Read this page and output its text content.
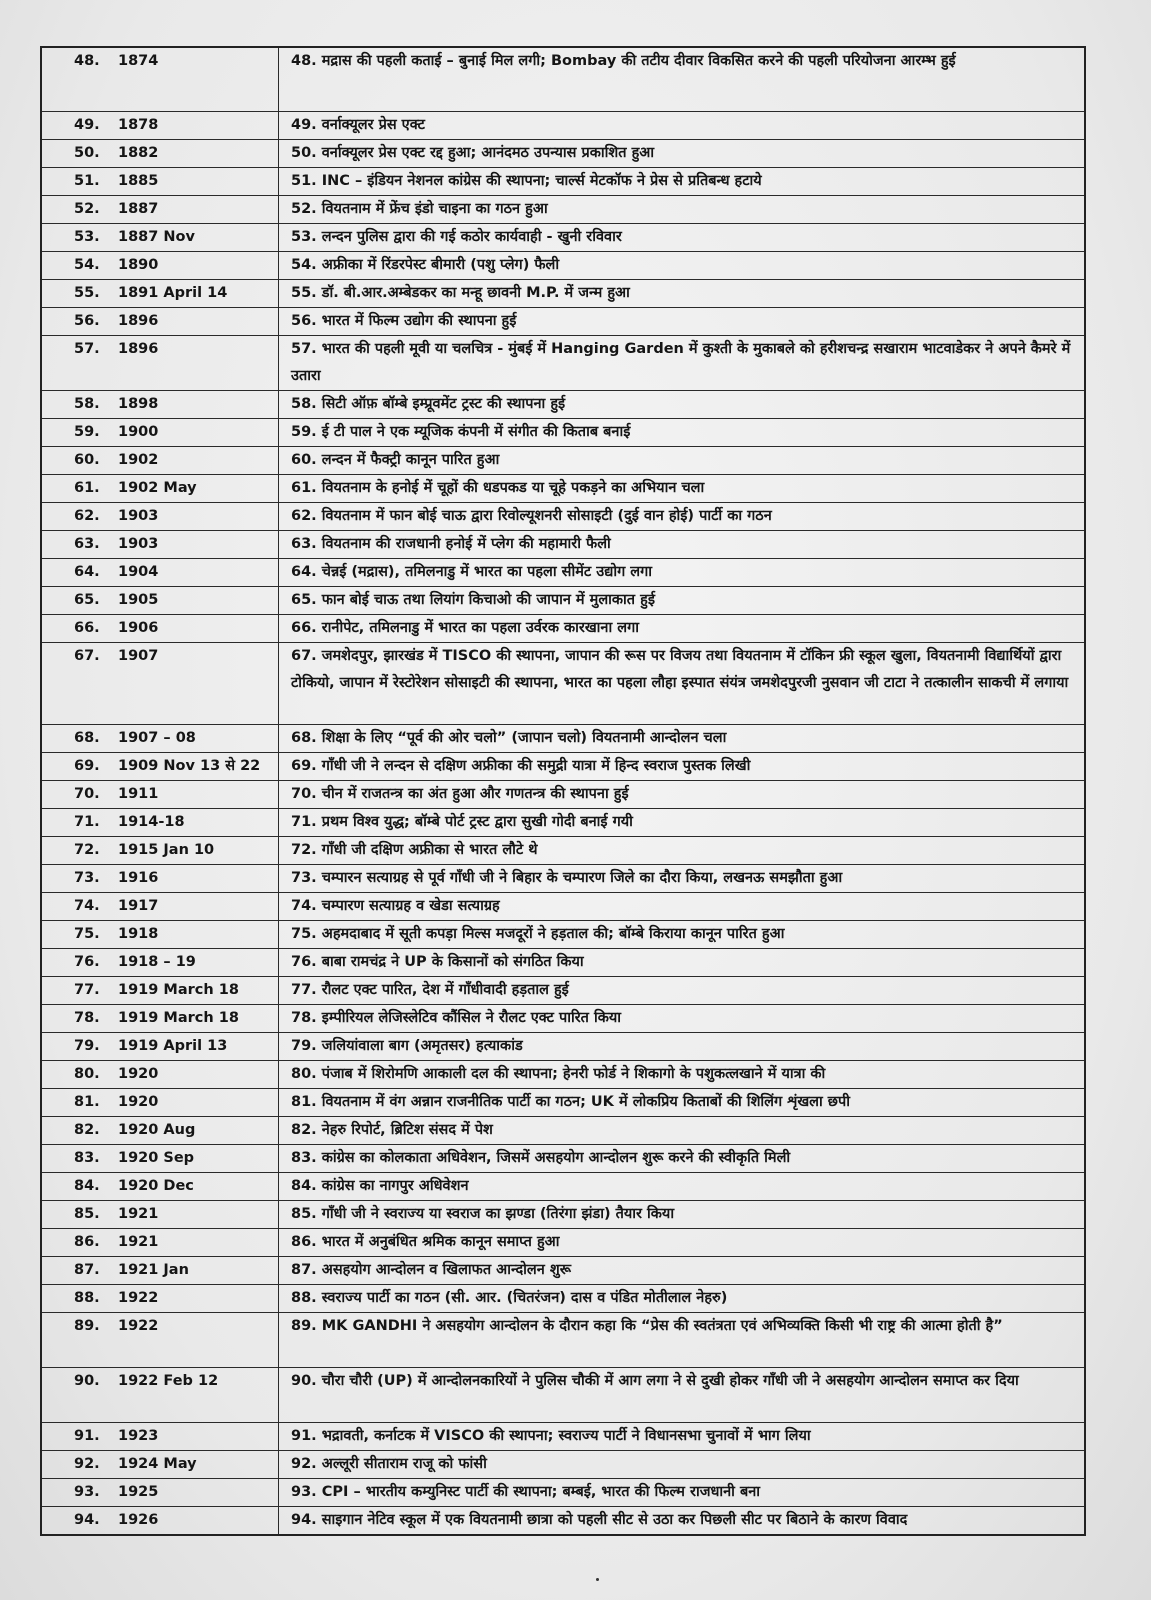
48. 1874	48. मद्रास की पहली कताई – बुनाई मिल लगी; Bombay की तटीय दीवार विकसित करने की पहली परियोजना आरम्भ हुई

49. 1878	49. वर्नाक्यूलर प्रेस एक्ट

50. 1882	50. वर्नाक्यूलर प्रेस एक्ट रद्द हुआ; आनंदमठ उपन्यास प्रकाशित हुआ

51. 1885	51. INC – इंडियन नेशनल कांग्रेस की स्थापना; चार्ल्स मेटकॉफ ने प्रेस से प्रतिबन्ध हटाये

52. 1887	52. वियतनाम में फ्रेंच इंडो चाइना का गठन हुआ

53. 1887 Nov	53. लन्दन पुलिस द्वारा की गई कठोर कार्यवाही - खुनी रविवार

54. 1890	54. अफ्रीका में रिंडरपेस्ट बीमारी (पशु प्लेग) फैली

55. 1891 April 14	55. डॉ. बी.आर.अम्बेडकर का मन्हू छावनी M.P. में जन्म हुआ

56. 1896	56. भारत में फिल्म उद्योग की स्थापना हुई

57. 1896	57. भारत की पहली मूवी या चलचित्र - मुंबई में Hanging Garden में कुश्ती के मुकाबले को हरीशचन्द्र सखाराम भाटवाडेकर ने अपने कैमरे में उतारा

58. 1898	58. सिटी ऑफ़ बॉम्बे इम्प्रूवमेंट ट्रस्ट की स्थापना हुई

59. 1900	59. ई टी पाल ने एक म्यूजिक कंपनी में संगीत की किताब बनाई

60. 1902	60. लन्दन में फैक्ट्री कानून पारित हुआ

61. 1902 May	61. वियतनाम के हनोई में चूहों की धडपकड या चूहे पकड़ने का अभियान चला

62. 1903	62. वियतनाम में फान बोई चाऊ द्वारा रिवोल्यूशनरी सोसाइटी (दुई वान होई) पार्टी का गठन

63. 1903	63. वियतनाम की राजधानी हनोई में प्लेग की महामारी फैली

64. 1904	64. चेन्नई (मद्रास), तमिलनाडु में भारत का पहला सीमेंट उद्योग लगा

65. 1905	65. फान बोई चाऊ तथा लियांग किचाओ की जापान में मुलाकात हुई

66. 1906	66. रानीपेट, तमिलनाडु में भारत का पहला उर्वरक कारखाना लगा

67. 1907	67. जमशेदपुर, झारखंड में TISCO की स्थापना, जापान की रूस पर विजय तथा वियतनाम में टॉकिन फ्री स्कूल खुला, वियतनामी विद्यार्थियों द्वारा टोकियो, जापान में रेस्टोरेशन सोसाइटी की स्थापना, भारत का पहला लौहा इस्पात संयंत्र जमशेदपुरजी नुसवान जी टाटा ने तत्कालीन साकची में लगाया

68. 1907 – 08	68. शिक्षा के लिए “पूर्व की ओर चलो” (जापान चलो) वियतनामी आन्दोलन चला

69. 1909 Nov 13 से 22	69. गाँधी जी ने लन्दन से दक्षिण अफ्रीका की समुद्री यात्रा में हिन्द स्वराज पुस्तक लिखी

70. 1911	70. चीन में राजतन्त्र का अंत हुआ और गणतन्त्र की स्थापना हुई

71. 1914-18	71. प्रथम विश्व युद्ध; बॉम्बे पोर्ट ट्रस्ट द्वारा सुखी गोदी बनाई गयी

72. 1915 Jan 10	72. गाँधी जी दक्षिण अफ्रीका से भारत लौटे थे

73. 1916	73. चम्पारन सत्याग्रह से पूर्व गाँधी जी ने बिहार के चम्पारण जिले का दौरा किया, लखनऊ समझौता हुआ

74. 1917	74. चम्पारण सत्याग्रह व खेडा सत्याग्रह

75. 1918	75. अहमदाबाद में सूती कपड़ा मिल्स मजदूरों ने हड़ताल की; बॉम्बे किराया कानून पारित हुआ

76. 1918 – 19	76. बाबा रामचंद्र ने UP के किसानों को संगठित किया

77. 1919 March 18	77. रौलट एक्ट पारित, देश में गाँधीवादी हड़ताल हुई

78. 1919 March 18	78. इम्पीरियल लेजिस्लेटिव कौंसिल ने रौलट एक्ट पारित किया

79. 1919 April 13	79. जलियांवाला बाग (अमृतसर) हत्याकांड

80. 1920	80. पंजाब में शिरोमणि आकाली दल की स्थापना; हेनरी फोर्ड ने शिकागो के पशुकत्लखाने में यात्रा की

81. 1920	81. वियतनाम में वंग अन्नान राजनीतिक पार्टी का गठन; UK में लोकप्रिय किताबों की शिलिंग शृंखला छपी

82. 1920 Aug	82. नेहरु रिपोर्ट, ब्रिटिश संसद में पेश

83. 1920 Sep	83. कांग्रेस का कोलकाता अधिवेशन, जिसमें असहयोग आन्दोलन शुरू करने की स्वीकृति मिली

84. 1920 Dec	84. कांग्रेस का नागपुर अधिवेशन

85. 1921	85. गाँधी जी ने स्वराज्य या स्वराज का झण्डा (तिरंगा झंडा) तैयार किया

86. 1921	86. भारत में अनुबंधित श्रमिक कानून समाप्त हुआ

87. 1921 Jan	87. असहयोग आन्दोलन व खिलाफत आन्दोलन शुरू

88. 1922	88. स्वराज्य पार्टी का गठन (सी. आर. (चितरंजन) दास व पंडित मोतीलाल नेहरु)

89. 1922	89. MK GANDHI ने असहयोग आन्दोलन के दौरान कहा कि “प्रेस की स्वतंत्रता एवं अभिव्यक्ति किसी भी राष्ट्र की आत्मा होती है”

90. 1922 Feb 12	90. चौरा चौरी (UP) में आन्दोलनकारियों ने पुलिस चौकी में आग लगा ने से दुखी होकर गाँधी जी ने असहयोग आन्दोलन समाप्त कर दिया

91. 1923	91. भद्रावती, कर्नाटक में VISCO की स्थापना; स्वराज्य पार्टी ने विधानसभा चुनावों में भाग लिया

92. 1924 May	92. अल्लूरी सीताराम राजू को फांसी

93. 1925	93. CPI – भारतीय कम्युनिस्ट पार्टी की स्थापना; बम्बई, भारत की फिल्म राजधानी बना

94. 1926	94. साइगान नेटिव स्कूल में एक वियतनामी छात्रा को पहली सीट से उठा कर पिछली सीट पर बिठाने के कारण विवाद
